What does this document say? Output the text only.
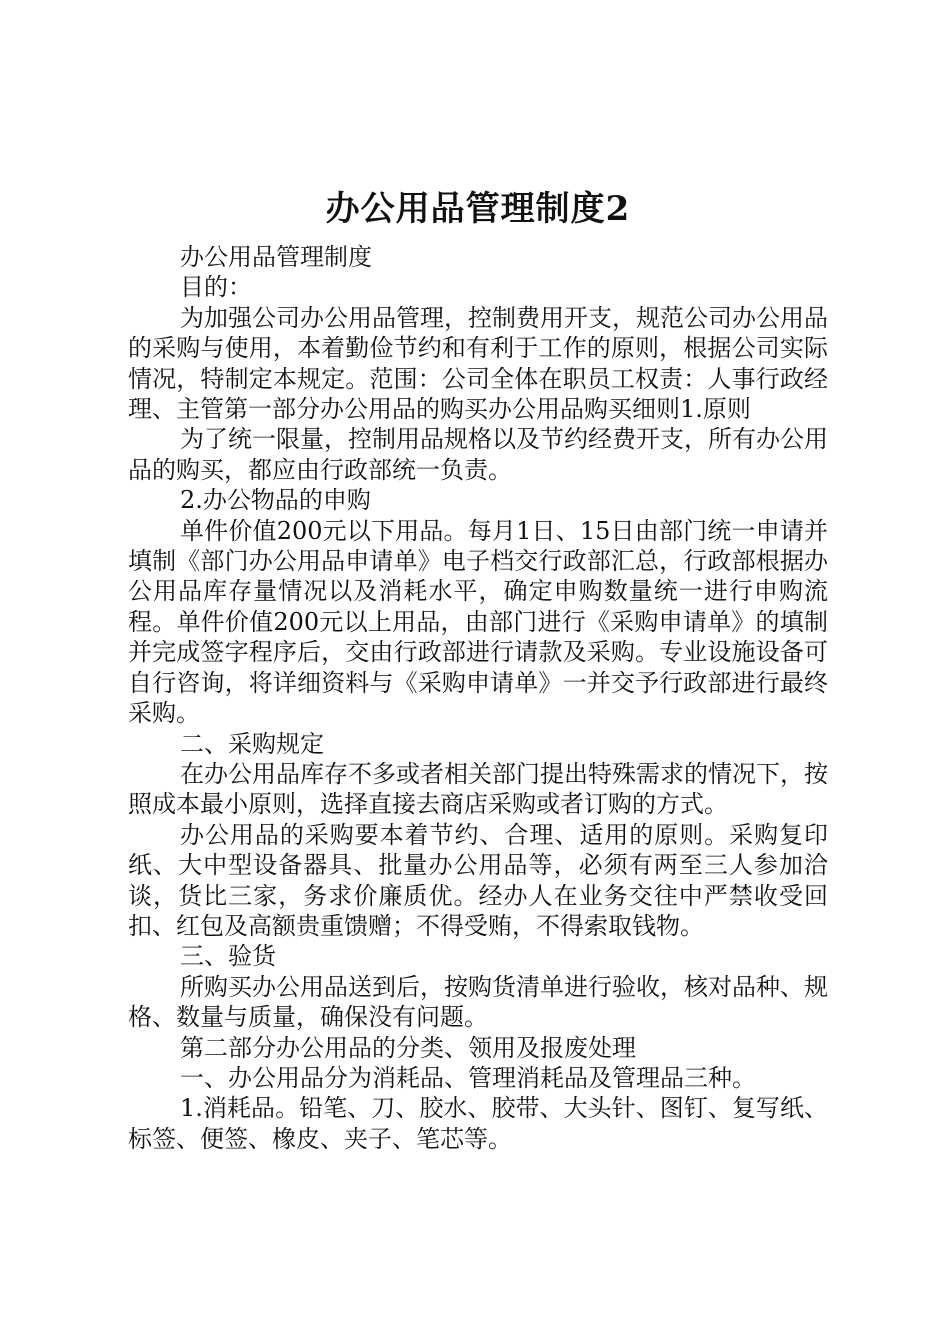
办公用品管理制度2

办公用品管理制度

目的：

为加强公司办公用品管理，控制费用开支，规范公司办公用品的采购与使用，本着勤俭节约和有利于工作的原则，根据公司实际情况，特制定本规定。范围：公司全体在职员工权责：人事行政经理、主管第一部分办公用品的购买办公用品购买细则1.原则

为了统一限量，控制用品规格以及节约经费开支，所有办公用品的购买，都应由行政部统一负责。

2.办公物品的申购

单件价值200元以下用品。每月1日、15日由部门统一申请并填制《部门办公用品申请单》电子档交行政部汇总，行政部根据办公用品库存量情况以及消耗水平，确定申购数量统一进行申购流程。单件价值200元以上用品，由部门进行《采购申请单》的填制并完成签字程序后，交由行政部进行请款及采购。专业设施设备可自行咨询，将详细资料与《采购申请单》一并交予行政部进行最终采购。

二、采购规定

在办公用品库存不多或者相关部门提出特殊需求的情况下，按照成本最小原则，选择直接去商店采购或者订购的方式。

办公用品的采购要本着节约、合理、适用的原则。采购复印纸、大中型设备器具、批量办公用品等，必须有两至三人参加洽谈，货比三家，务求价廉质优。经办人在业务交往中严禁收受回扣、红包及高额贵重馈赠；不得受贿，不得索取钱物。

三、验货

所购买办公用品送到后，按购货清单进行验收，核对品种、规格、数量与质量，确保没有问题。

第二部分办公用品的分类、领用及报废处理

一、办公用品分为消耗品、管理消耗品及管理品三种。

1.消耗品。铅笔、刀、胶水、胶带、大头针、图钉、复写纸、标签、便签、橡皮、夹子、笔芯等。
